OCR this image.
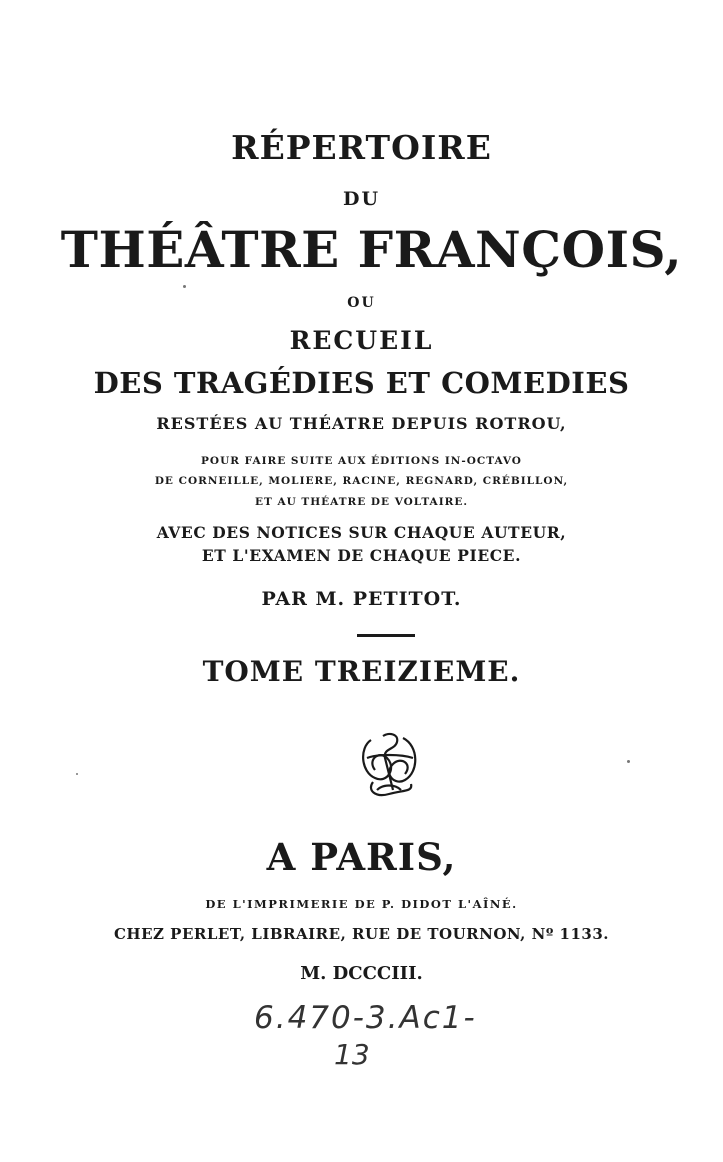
RÉPERTOIRE
DU
THÉÂTRE FRANÇOIS,
OU
RECUEIL
DES TRAGÉDIES ET COMEDIES
RESTÉES AU THÉATRE DEPUIS ROTROU,
POUR FAIRE SUITE AUX ÉDITIONS IN-OCTAVO
DE CORNEILLE, MOLIERE, RACINE, REGNARD, CRÉBILLON,
ET AU THÉATRE DE VOLTAIRE.
AVEC DES NOTICES SUR CHAQUE AUTEUR,
ET L'EXAMEN DE CHAQUE PIECE.
PAR M. PETITOT.
TOME TREIZIEME.
A PARIS,
DE L'IMPRIMERIE DE P. DIDOT L'AÎNÉ.
CHEZ PERLET, LIBRAIRE, RUE DE TOURNON, Nº 1133.
M. DCCCIII.
6.470-3.Ac1-
13
